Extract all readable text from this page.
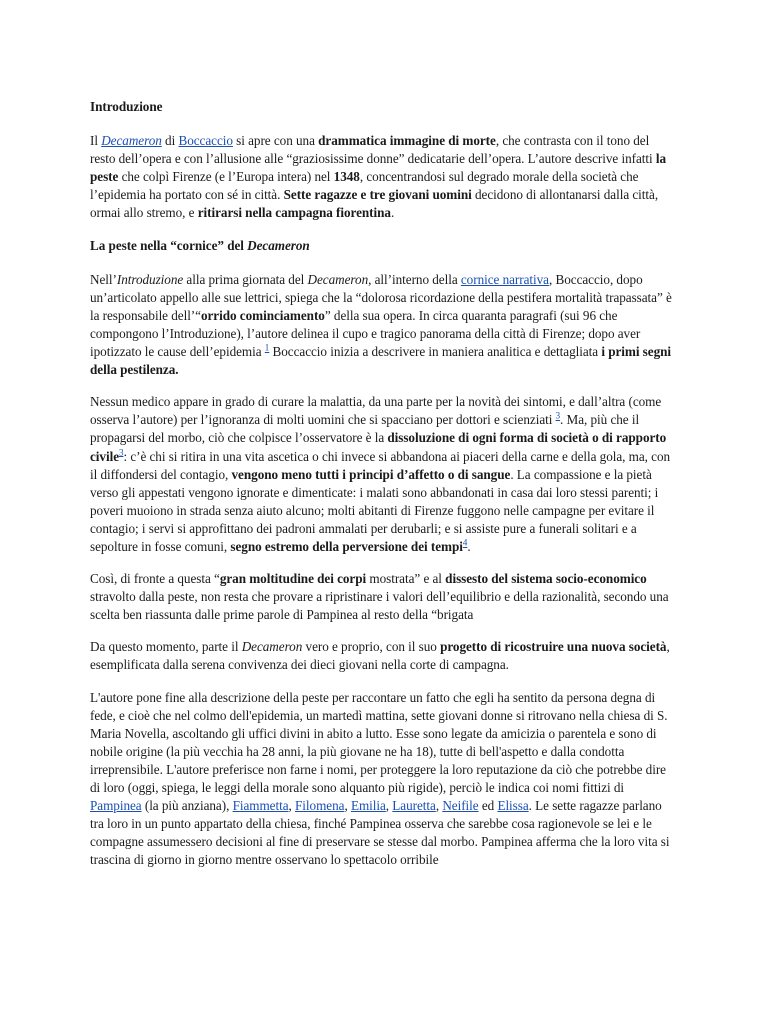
Introduzione

Il Decameron di Boccaccio si apre con una drammatica immagine di morte, che contrasta con il tono del resto dell’opera e con l’allusione alle “graziosissime donne” dedicatarie dell’opera. L’autore descrive infatti la peste che colpì Firenze (e l’Europa intera) nel 1348, concentrandosi sul degrado morale della società che l’epidemia ha portato con sé in città. Sette ragazze e tre giovani uomini decidono di allontanarsi dalla città, ormai allo stremo, e ritirarsi nella campagna fiorentina.

La peste nella “cornice” del Decameron

Nell’Introduzione alla prima giornata del Decameron, all’interno della cornice narrativa, Boccaccio, dopo un’articolato appello alle sue lettrici, spiega che la “dolorosa ricordazione della pestifera mortalità trapassata” è la responsabile dell’“orrido cominciamento” della sua opera. In circa quaranta paragrafi (sui 96 che compongono l’Introduzione), l’autore delinea il cupo e tragico panorama della città di Firenze; dopo aver ipotizzato le cause dell’epidemia $^1$ Boccaccio inizia a descrivere in maniera analitica e dettagliata i primi segni della pestilenza.

Nessun medico appare in grado di curare la malattia, da una parte per la novità dei sintomi, e dall’altra (come osserva l’autore) per l’ignoranza di molti uomini che si spacciano per dottori e scienziati $^3$. Ma, più che il propagarsi del morbo, ciò che colpisce l’osservatore è la dissoluzione di ogni forma di società o di rapporto civile$^3$: c’è chi si ritira in una vita ascetica o chi invece si abbandona ai piaceri della carne e della gola, ma, con il diffondersi del contagio, vengono meno tutti i principi d’affetto o di sangue. La compassione e la pietà verso gli appestati vengono ignorate e dimenticate: i malati sono abbandonati in casa dai loro stessi parenti; i poveri muoiono in strada senza aiuto alcuno; molti abitanti di Firenze fuggono nelle campagne per evitare il contagio; i servi si approfittano dei padroni ammalati per derubarli; e si assiste pure a funerali solitari e a sepolture in fosse comuni, segno estremo della perversione dei tempi$^4$.

Così, di fronte a questa “gran moltitudine dei corpi mostrata” e al dissesto del sistema socio-economico stravolto dalla peste, non resta che provare a ripristinare i valori dell’equilibrio e della razionalità, secondo una scelta ben riassunta dalle prime parole di Pampinea al resto della “brigata

Da questo momento, parte il Decameron vero e proprio, con il suo progetto di ricostruire una nuova società, esemplificata dalla serena convivenza dei dieci giovani nella corte di campagna.

L'autore pone fine alla descrizione della peste per raccontare un fatto che egli ha sentito da persona degna di fede, e cioè che nel colmo dell'epidemia, un martedì mattina, sette giovani donne si ritrovano nella chiesa di S. Maria Novella, ascoltando gli uffici divini in abito a lutto. Esse sono legate da amicizia o parentela e sono di nobile origine (la più vecchia ha 28 anni, la più giovane ne ha 18), tutte di bell'aspetto e dalla condotta irreprensibile. L'autore preferisce non farne i nomi, per proteggere la loro reputazione da ciò che potrebbe dire di loro (oggi, spiega, le leggi della morale sono alquanto più rigide), perciò le indica coi nomi fittizi di Pampinea (la più anziana), Fiammetta, Filomena, Emilia, Lauretta, Neifile ed Elissa. Le sette ragazze parlano tra loro in un punto appartato della chiesa, finché Pampinea osserva che sarebbe cosa ragionevole se lei e le compagne assumessero decisioni al fine di preservare se stesse dal morbo. Pampinea afferma che la loro vita si trascina di giorno in giorno mentre osservano lo spettacolo orribile
